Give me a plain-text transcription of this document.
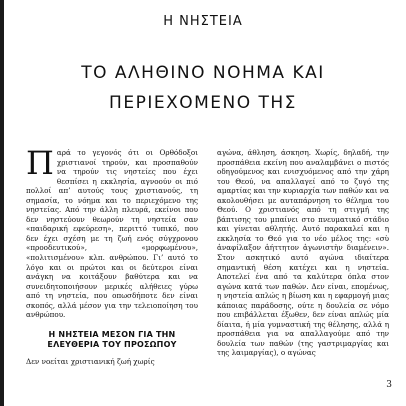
Η ΝΗΣΤΕΙΑ
ΤΟ ΑΛΗΘΙΝΟ ΝΟΗΜΑ ΚΑΙ
ΠΕΡΙΕΧΟΜΕΝΟ ΤΗΣ

Παρά το γεγονός ότι οι Ορθόδοξοι χριστιανοί τηρούν, και προσπαθούν να τηρούν τις νηστείες που έχει θεσπίσει η εκκλησία, αγνοούν οι πιό πολλοί απ’ αυτούς τους χριστιανούς, τη σημασία, το νόημα και το περιεχόμενο της νηστείας. Από την άλλη πλευρά, εκείνοι που δεν νηστεύουν θεωρούν τη νηστεία σαν «παιδαρική εφεύρεση», περιττό τυπικό, που δεν έχει σχέση με τη ζωή ενός σύγχρονου «προοδευτικού», «μορφωμένου», «πολιτισμένου» κλπ. ανθρώπου. Γι’ αυτό το λόγο και οι πρώτοι και οι δεύτεροι είναι ανάγκη να κοιτάξουν βαθύτερα και να συνειδητοποιήσουν μερικές αλήθειες γύρω από τη νηστεία, που οπωσδήποτε δεν είναι σκοπός, αλλά μέσον για την τελειοποίηση του ανθρώπου.

Η ΝΗΣΤΕΙΑ ΜΕΣΟΝ ΓΙΑ ΤΗΝ ΕΛΕΥΘΕΡΙΑ ΤΟΥ ΠΡΟΣΩΠΟΥ

Δεν νοείται χριστιανική ζωή χωρίς

αγώνα, άθληση, άσκηση. Χωρίς, δηλαδή, την προσπάθεια εκείνη που αναλαμβάνει ο πιστός οδηγούμενος και ενισχυόμενος από την χάρη του Θεού, να απαλλαγεί από το ζυγό της αμαρτίας και την κυριαρχία των παθών και να ακολουθήσει με αυταπάρνηση το θέλημα του Θεού. Ο χριστιανός από τη στιγμή της βάπτισης του μπαίνει στο πνευματικό στάδιο και γίνεται αθλητής. Αυτό παρακαλεί και η εκκλησία το Θεό για το νέο μέλος της: «σὺ ἀναφίλαξον ἀήττητον ἀγωνιστὴν διαμένειν». Στον ασκητικό αυτό αγώνα ιδιαίτερα σημαντική θέση κατέχει και η νηστεία. Αποτελεί ένα από τα καλύτερα όπλα στον αγώνα κατά των παθών. Δεν είναι, επομένως, η νηστεία απλώς η βίωση και η εφαρμογή μιας κάποιας παράδοσης, ούτε η δουλεία σε νόμο που επιβάλλεται έξωθεν, δεν είναι απλώς μία δίαιτα, ή μία γυμναστική της θέλησης, αλλά η προσπάθεια για να απαλλαγούμε από την δουλεία των παθών (της γαστριμαργίας και της λαιμαργίας), ο αγώνας

3
